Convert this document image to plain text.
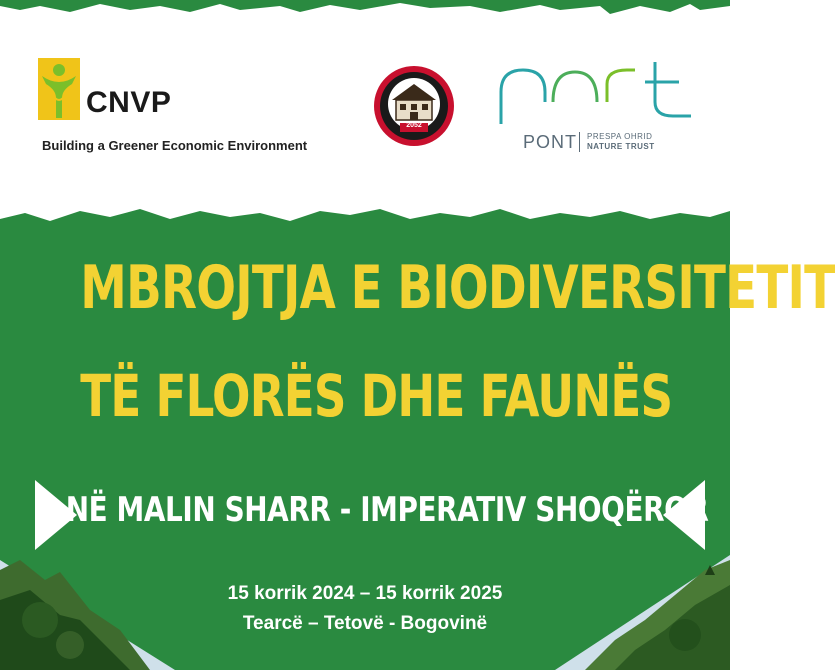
CNVP
Building a Greener Economic Environment
2052
PONT PRESPA OHRID
NATURE TRUST
MBROJTJA E BIODIVERSITETIT
TË FLORËS DHE FAUNËS
NË MALIN SHARR - IMPERATIV SHOQËROR
15 korrik 2024 – 15 korrik 2025
Tearcë – Tetovë - Bogovinë
